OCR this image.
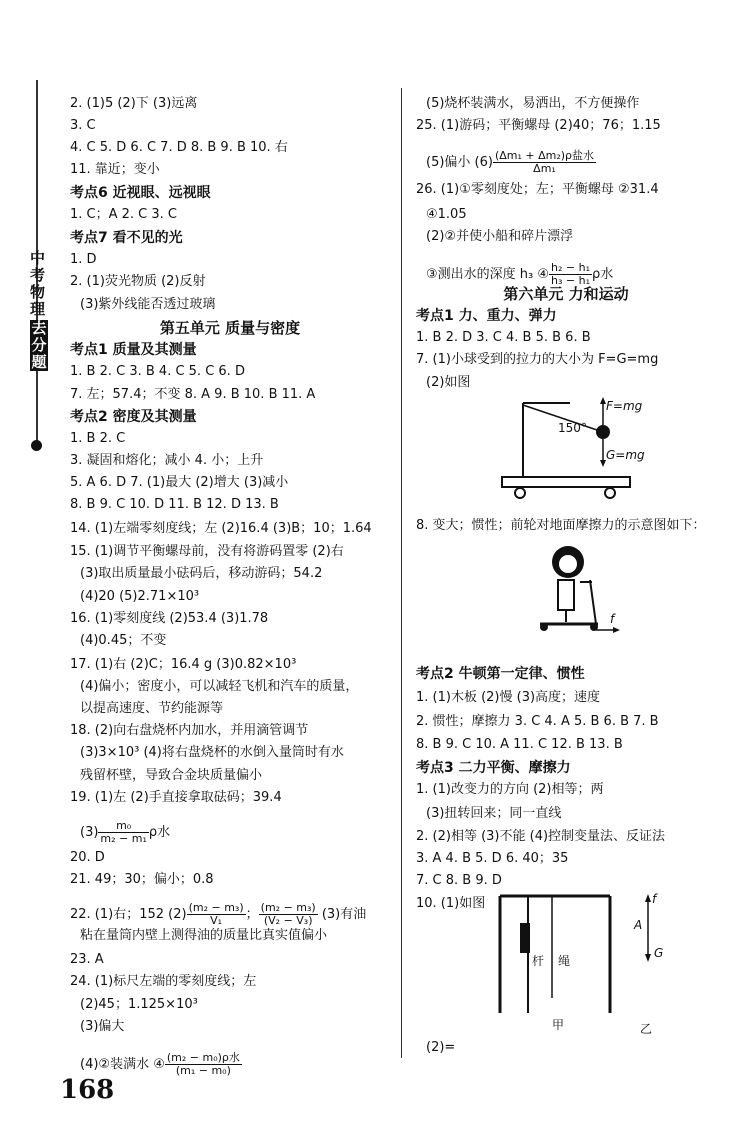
中考物理
去分题
F=mg
G=mg
150°
f
杆 绳
f
A
G
甲	乙
168
2. (1)5 (2)下 (3)远离
3. C
4. C 5. D 6. C 7. D 8. B 9. B 10. 右
11. 靠近；变小
考点6 近视眼、远视眼
1. C；A 2. C 3. C
考点7 看不见的光
1. D
2. (1)荧光物质 (2)反射
(3)紫外线能否透过玻璃
第五单元 质量与密度
考点1 质量及其测量
1. B 2. C 3. B 4. C 5. C 6. D
7. 左；57.4；不变 8. A 9. B 10. B 11. A
考点2 密度及其测量
1. B 2. C
3. 凝固和熔化；减小 4. 小；上升
5. A 6. D 7. (1)最大 (2)增大 (3)减小
8. B 9. C 10. D 11. B 12. D 13. B
14. (1)左端零刻度线；左 (2)16.4 (3)B；10；1.64
15. (1)调节平衡螺母前，没有将游码置零 (2)右
(3)取出质量最小砝码后，移动游码；54.2
(4)20 (5)2.71×10³
16. (1)零刻度线 (2)53.4 (3)1.78
(4)0.45；不变
17. (1)右 (2)C；16.4 g (3)0.82×10³
(4)偏小；密度小，可以减轻飞机和汽车的质量，
以提高速度、节约能源等
18. (2)向右盘烧杯内加水，并用滴管调节
(3)3×10³ (4)将右盘烧杯的水倒入量筒时有水
残留杯壁，导致合金块质量偏小
19. (1)左 (2)手直接拿取砝码；39.4
$(3) \frac{\text{m₀}}{\text{m₂ − m₁}}$ ρ水
20. D
21. 49；30；偏小；0.8
22. (1)右；152 $(2) \frac{\text{(m₂ − m₃)}}{\text{V₁}}$ ； $\frac{\text{(m₂ − m₃)}}{\text{(V₂ − V₃)}} (3)$有油
粘在量筒内壁上测得油的质量比真实值偏小
23. A
24. (1)标尺左端的零刻度线；左
(2)45；1.125×10³
(3)偏大
(4)②装满水 ④ $\frac{\text{(m₂ − m₀)ρ水}}{\text{(m₁ − m₀)}}$
(5)烧杯装满水，易洒出，不方便操作
25. (1)游码；平衡螺母 (2)40；76；1.15
(5)偏小 $(6) \frac{\text{(Δm₁ + Δm₂)ρ盐水}}{\text{Δm₁}}$
26. (1)①零刻度处；左；平衡螺母 ②31.4
④1.05
(2)②并使小船和碎片漂浮
③测出水的深度 h₃ ④ $\frac{\text{h₂ − h₁}}{\text{h₃ − h₁}}$ ρ水
第六单元 力和运动
考点1 力、重力、弹力
1. B 2. D 3. C 4. B 5. B 6. B
7. (1)小球受到的拉力的大小为 F=G=mg
(2)如图
8. 变大；惯性；前轮对地面摩擦力的示意图如下：
考点2 牛顿第一定律、惯性
1. (1)木板 (2)慢 (3)高度；速度
2. 惯性；摩擦力 3. C 4. A 5. B 6. B 7. B
8. B 9. C 10. A 11. C 12. B 13. B
考点3 二力平衡、摩擦力
1. (1)改变力的方向 (2)相等；两
(3)扭转回来；同一直线
2. (2)相等 (3)不能 (4)控制变量法、反证法
3. A 4. B 5. D 6. 40；35
7. C 8. B 9. D
10. (1)如图
(2)=
